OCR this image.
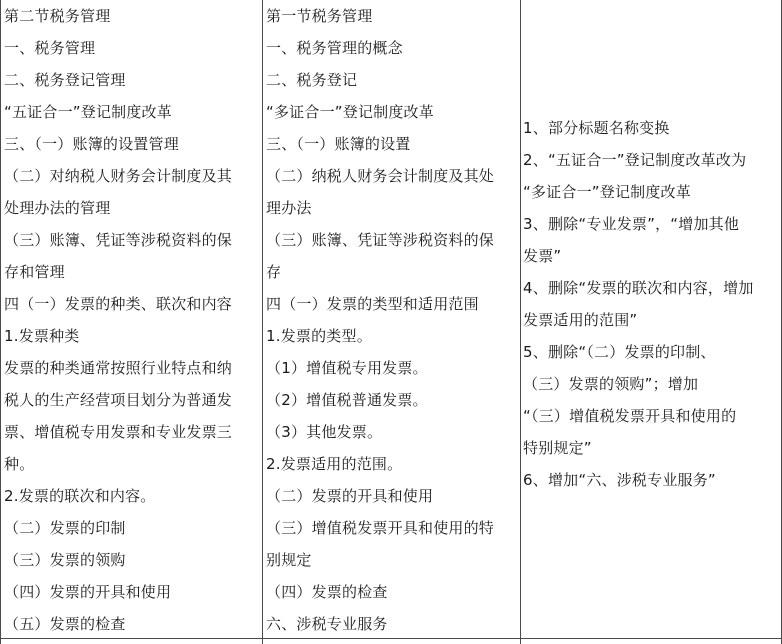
第二节税务管理
一、税务管理
二、税务登记管理
“五证合一”登记制度改革
三、（一）账簿的设置管理
（二）对纳税人财务会计制度及其
处理办法的管理
（三）账簿、凭证等涉税资料的保
存和管理
四（一）发票的种类、联次和内容
1.发票种类
发票的种类通常按照行业特点和纳
税人的生产经营项目划分为普通发
票、增值税专用发票和专业发票三
种。
2.发票的联次和内容。
（二）发票的印制
（三）发票的领购
（四）发票的开具和使用
（五）发票的检查
第一节税务管理
一、税务管理的概念
二、税务登记
“多证合一”登记制度改革
三、（一）账簿的设置
（二）纳税人财务会计制度及其处
理办法
（三）账簿、凭证等涉税资料的保
存
四（一）发票的类型和适用范围
1.发票的类型。
（1）增值税专用发票。
（2）增值税普通发票。
（3）其他发票。
2.发票适用的范围。
（二）发票的开具和使用
（三）增值税发票开具和使用的特
别规定
（四）发票的检查
六、涉税专业服务
1、部分标题名称变换
2、“五证合一”登记制度改革改为
“多证合一”登记制度改革
3、删除“专业发票”，“增加其他
发票”
4、删除“发票的联次和内容，增加
发票适用的范围”
5、删除“（二）发票的印制、
（三）发票的领购”；增加
“（三）增值税发票开具和使用的
特别规定”
6、增加“六、涉税专业服务”
